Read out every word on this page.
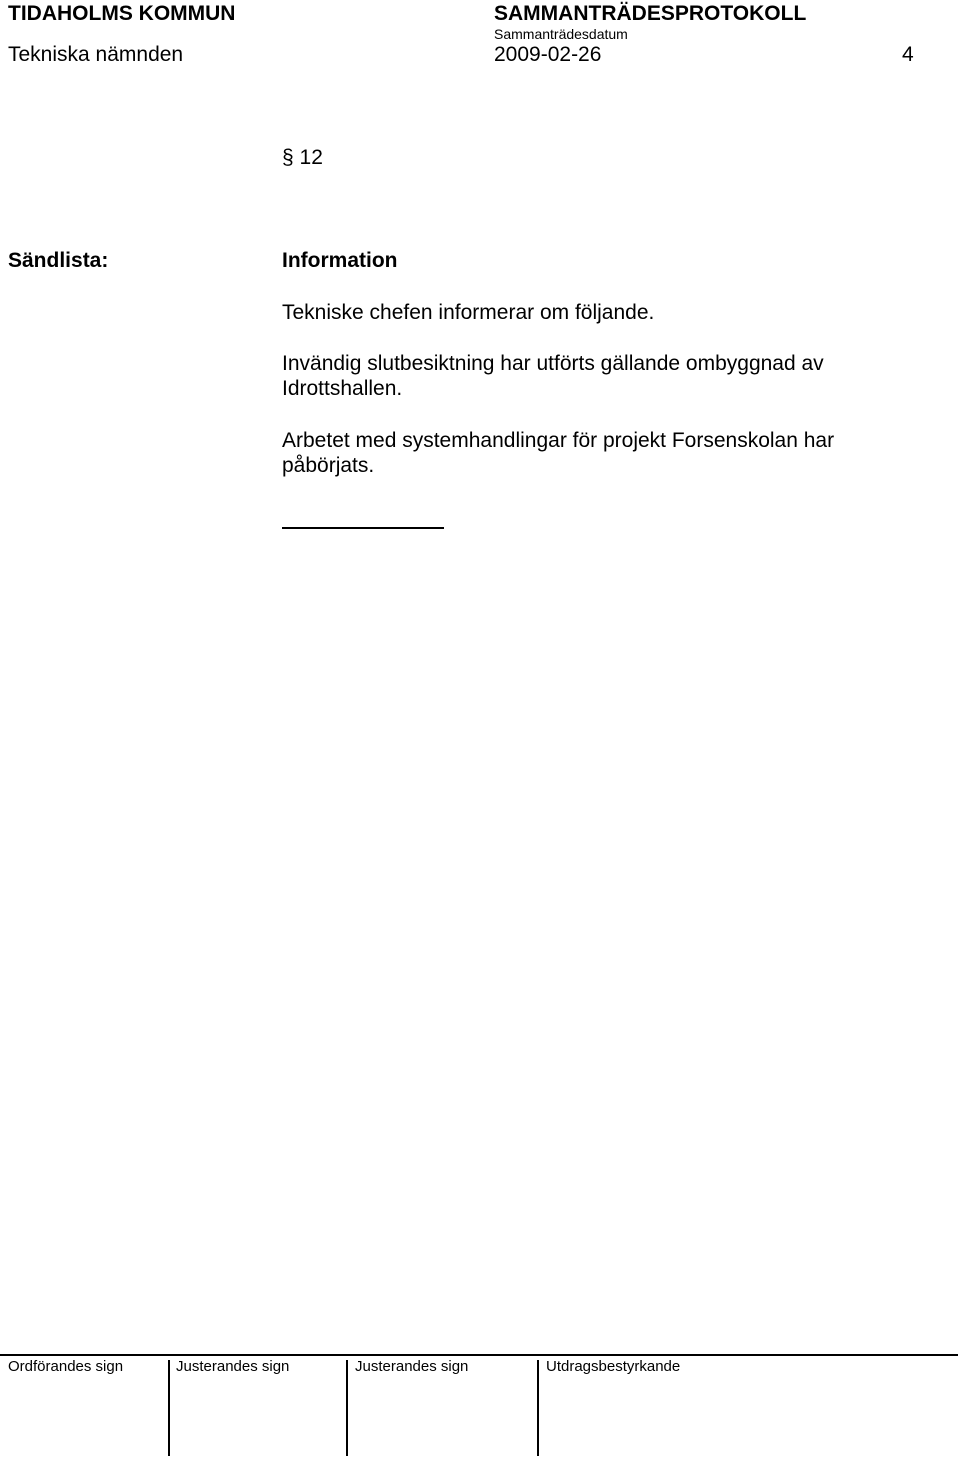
TIDAHOLMS KOMMUN	SAMMANTRÄDESPROTOKOLL
Sammanträdesdatum
Tekniska nämnden	2009-02-26	4
§ 12
Sändlista:	Information
Tekniske chefen informerar om följande.
Invändig slutbesiktning har utförts gällande ombyggnad av Idrottshallen.
Arbetet med systemhandlingar för projekt Forsenskolan har påbörjats.
Ordförandes sign	Justerandes sign	Justerandes sign	Utdragsbestyrkande
